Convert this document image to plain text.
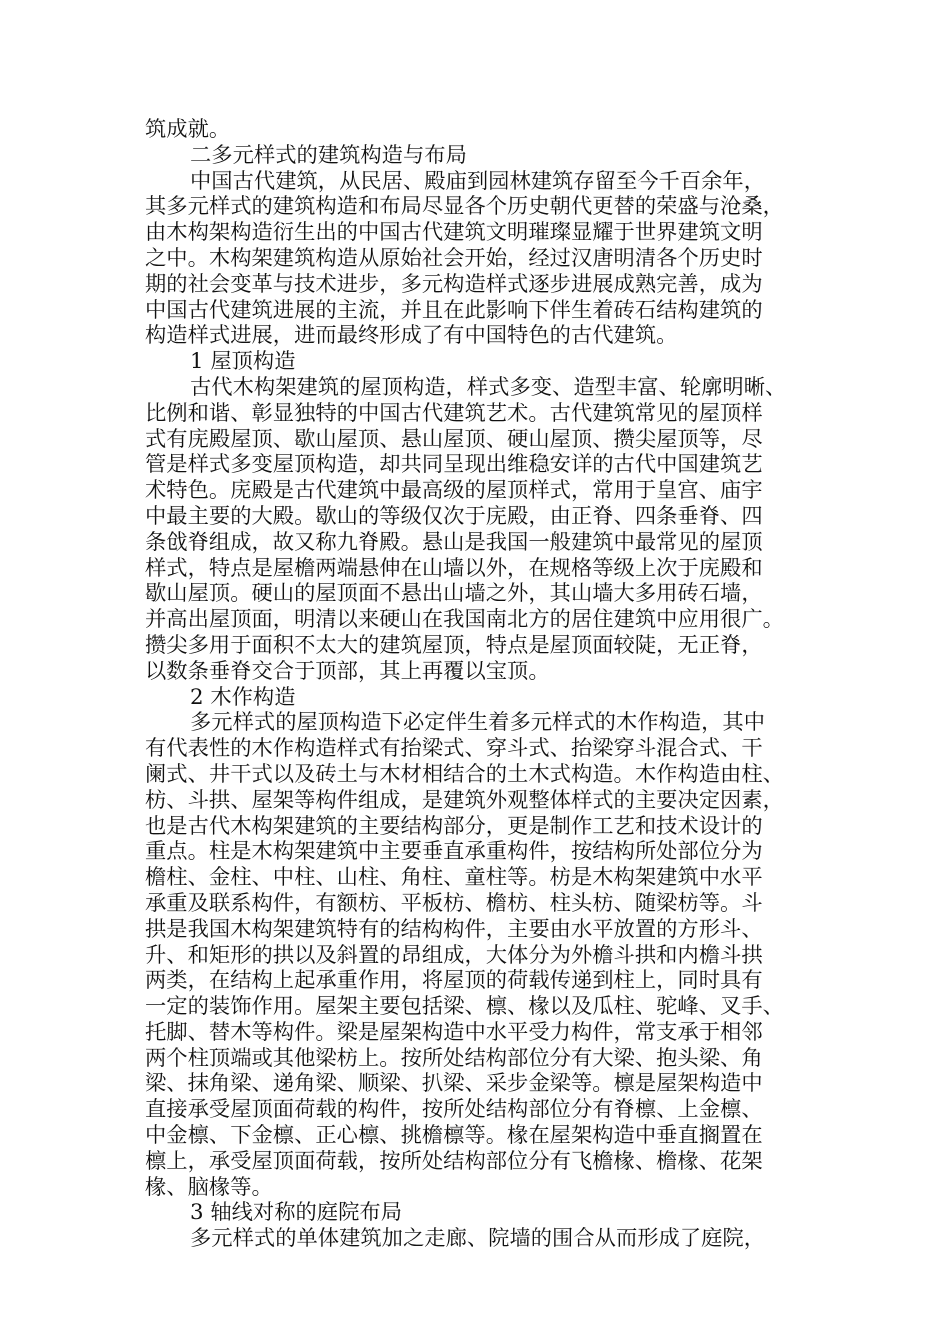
筑成就。
二多元样式的建筑构造与布局
中国古代建筑，从民居、殿庙到园林建筑存留至今千百余年，
其多元样式的建筑构造和布局尽显各个历史朝代更替的荣盛与沧桑，
由木构架构造衍生出的中国古代建筑文明璀璨显耀于世界建筑文明
之中。木构架建筑构造从原始社会开始，经过汉唐明清各个历史时
期的社会变革与技术进步，多元构造样式逐步进展成熟完善，成为
中国古代建筑进展的主流，并且在此影响下伴生着砖石结构建筑的
构造样式进展，进而最终形成了有中国特色的古代建筑。
1 屋顶构造
古代木构架建筑的屋顶构造，样式多变、造型丰富、轮廓明晰、
比例和谐、彰显独特的中国古代建筑艺术。古代建筑常见的屋顶样
式有庑殿屋顶、歇山屋顶、悬山屋顶、硬山屋顶、攒尖屋顶等，尽
管是样式多变屋顶构造，却共同呈现出维稳安详的古代中国建筑艺
术特色。庑殿是古代建筑中最高级的屋顶样式，常用于皇宫、庙宇
中最主要的大殿。歇山的等级仅次于庑殿，由正脊、四条垂脊、四
条戗脊组成，故又称九脊殿。悬山是我国一般建筑中最常见的屋顶
样式，特点是屋檐两端悬伸在山墙以外，在规格等级上次于庑殿和
歇山屋顶。硬山的屋顶面不悬出山墙之外，其山墙大多用砖石墙，
并高出屋顶面，明清以来硬山在我国南北方的居住建筑中应用很广。
攒尖多用于面积不太大的建筑屋顶，特点是屋顶面较陡，无正脊，
以数条垂脊交合于顶部，其上再覆以宝顶。
2 木作构造
多元样式的屋顶构造下必定伴生着多元样式的木作构造，其中
有代表性的木作构造样式有抬梁式、穿斗式、抬梁穿斗混合式、干
阑式、井干式以及砖土与木材相结合的土木式构造。木作构造由柱、
枋、斗拱、屋架等构件组成，是建筑外观整体样式的主要决定因素，
也是古代木构架建筑的主要结构部分，更是制作工艺和技术设计的
重点。柱是木构架建筑中主要垂直承重构件，按结构所处部位分为
檐柱、金柱、中柱、山柱、角柱、童柱等。枋是木构架建筑中水平
承重及联系构件，有额枋、平板枋、檐枋、柱头枋、随梁枋等。斗
拱是我国木构架建筑特有的结构构件，主要由水平放置的方形斗、
升、和矩形的拱以及斜置的昂组成，大体分为外檐斗拱和内檐斗拱
两类，在结构上起承重作用，将屋顶的荷载传递到柱上，同时具有
一定的装饰作用。屋架主要包括梁、檩、椽以及瓜柱、驼峰、叉手、
托脚、替木等构件。梁是屋架构造中水平受力构件，常支承于相邻
两个柱顶端或其他梁枋上。按所处结构部位分有大梁、抱头梁、角
梁、抹角梁、递角梁、顺梁、扒梁、采步金梁等。檩是屋架构造中
直接承受屋顶面荷载的构件，按所处结构部位分有脊檩、上金檩、
中金檩、下金檩、正心檩、挑檐檩等。椽在屋架构造中垂直搁置在
檩上，承受屋顶面荷载，按所处结构部位分有飞檐椽、檐椽、花架
椽、脑椽等。
3 轴线对称的庭院布局
多元样式的单体建筑加之走廊、院墙的围合从而形成了庭院，
